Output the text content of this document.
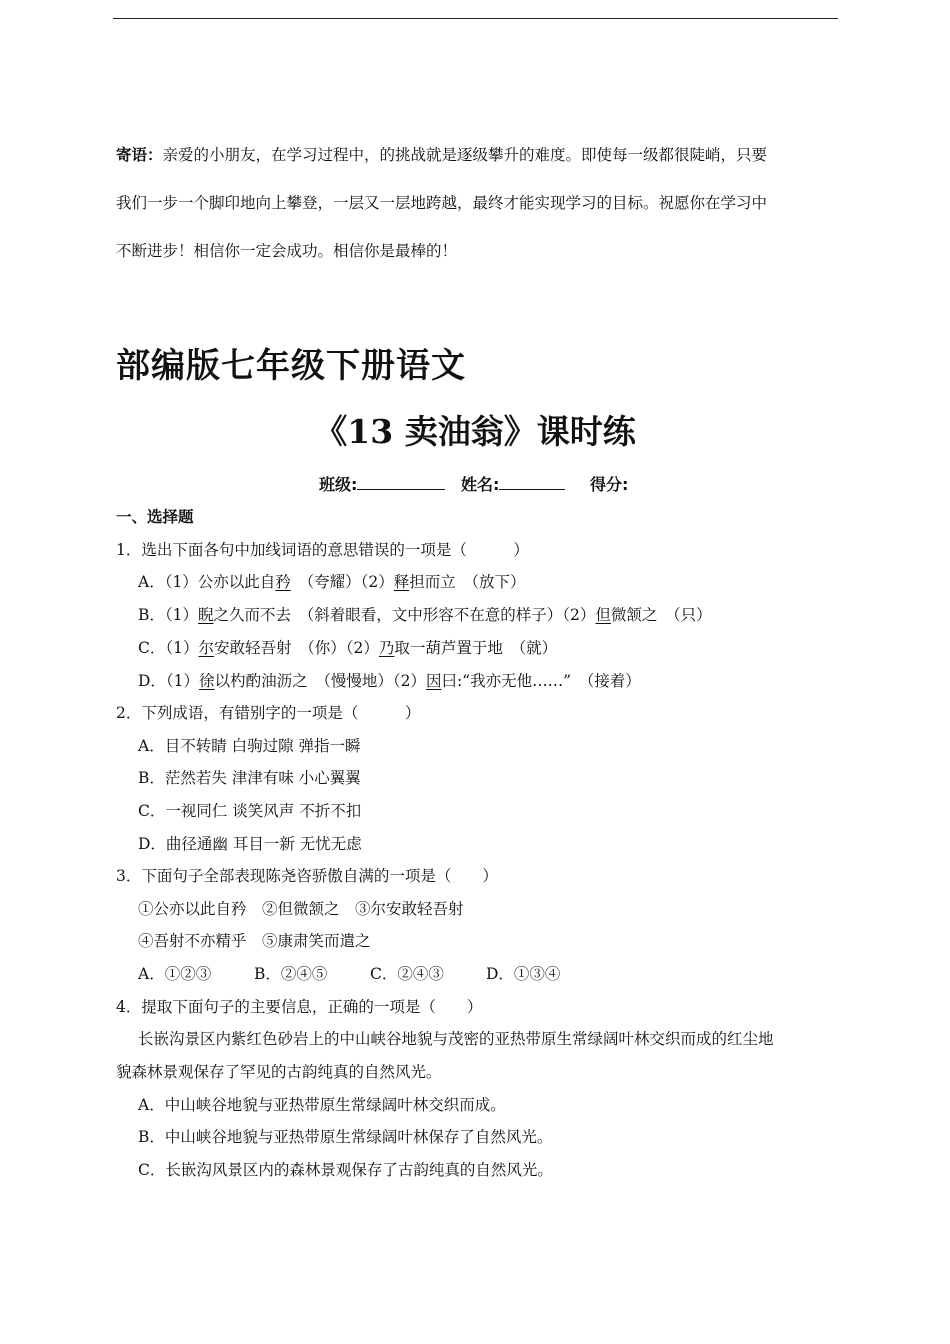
寄语：亲爱的小朋友，在学习过程中，的挑战就是逐级攀升的难度。即使每一级都很陡峭，只要
我们一步一个脚印地向上攀登，一层又一层地跨越，最终才能实现学习的目标。祝愿你在学习中
不断进步！相信你一定会成功。相信你是最棒的！
部编版七年级下册语文
《13 卖油翁》课时练
班级:	姓名:	得分:
一、选择题
1．选出下面各句中加线词语的意思错误的一项是（　　　）
A．（1）公亦以此自矜　（夸耀）（2）释担而立　（放下）
B．（1）睨之久而不去　（斜着眼看，文中形容不在意的样子）（2）但微颔之　（只）
C．（1）尔安敢轻吾射　（你）（2）乃取一葫芦置于地　（就）
D．（1）徐以杓酌油沥之　（慢慢地）（2）因曰:“我亦无他……”　（接着）
2．下列成语，有错别字的一项是（　　　）
A．目不转睛 白驹过隙 弹指一瞬
B．茫然若失 津津有味 小心翼翼
C．一视同仁 谈笑风声 不折不扣
D．曲径通幽 耳目一新 无忧无虑
3．下面句子全部表现陈尧咨骄傲自满的一项是（　　）
①公亦以此自矜　②但微颔之　③尔安敢轻吾射
④吾射不亦精乎　⑤康肃笑而遣之
A．①②③	B．②④⑤	C．②④③	D．①③④
4．提取下面句子的主要信息，正确的一项是（　　）
长嵌沟景区内紫红色砂岩上的中山峡谷地貌与茂密的亚热带原生常绿阔叶林交织而成的红尘地
貌森林景观保存了罕见的古韵纯真的自然风光。
A．中山峡谷地貌与亚热带原生常绿阔叶林交织而成。
B．中山峡谷地貌与亚热带原生常绿阔叶林保存了自然风光。
C．长嵌沟风景区内的森林景观保存了古韵纯真的自然风光。
